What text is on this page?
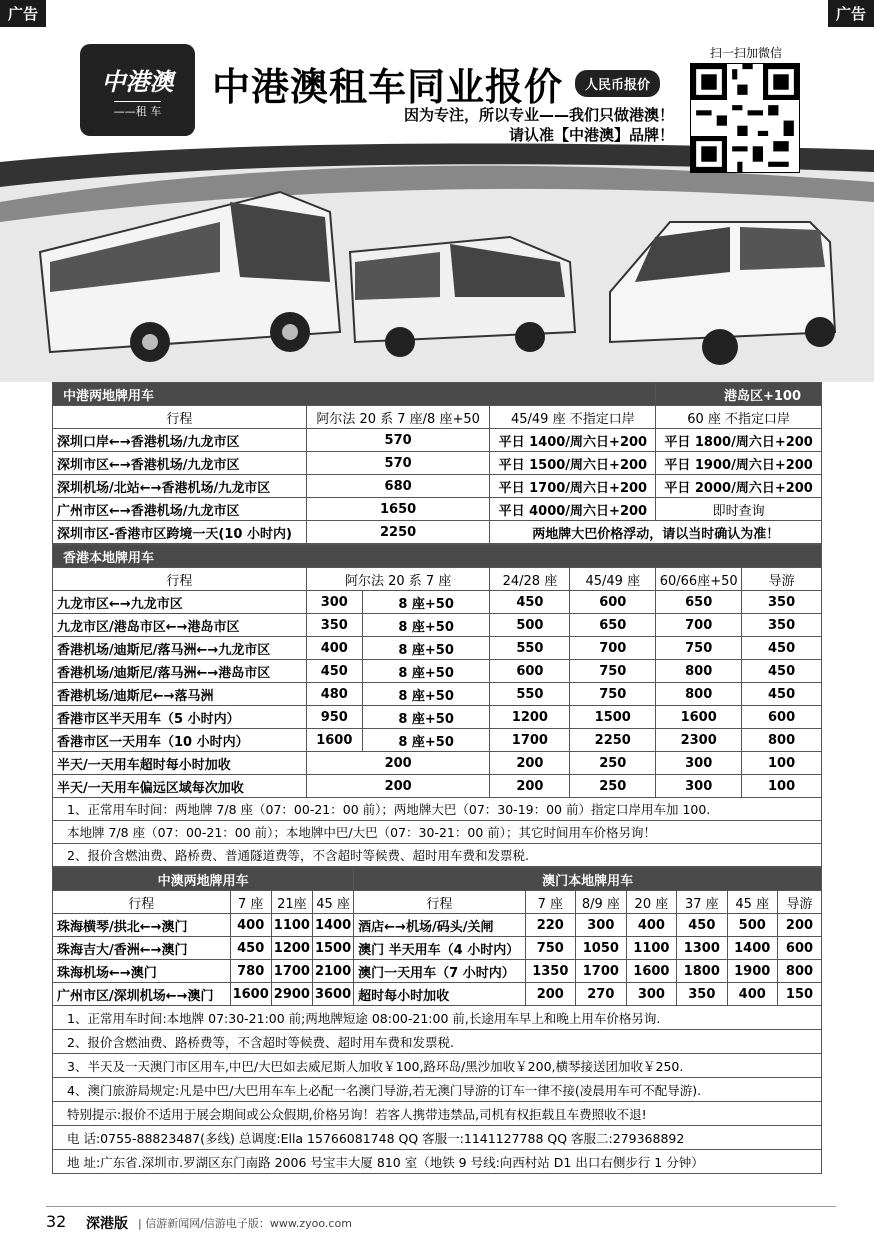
广告	广告
中港澳
——租 车
中港澳租车同业报价	人民币报价
因为专注，所以专业——我们只做港澳！
请认准【中港澳】品牌！
扫一扫加微信
中港两地牌用车			港岛区+100
行程	阿尔法 20 系 7 座/8 座+50	45/49 座 不指定口岸	60 座 不指定口岸
深圳口岸←→香港机场/九龙市区	570	平日 1400/周六日+200	平日 1800/周六日+200
深圳市区←→香港机场/九龙市区	570	平日 1500/周六日+200	平日 1900/周六日+200
深圳机场/北站←→香港机场/九龙市区	680	平日 1700/周六日+200	平日 2000/周六日+200
广州市区←→香港机场/九龙市区	1650	平日 4000/周六日+200	即时查询
深圳市区-香港市区跨境一天(10 小时内)	2250	两地牌大巴价格浮动，请以当时确认为准！	
香港本地牌用车						
行程	阿尔法 20 系 7 座		24/28 座	45/49 座	60/66座+50	导游
九龙市区←→九龙市区	300	8 座+50	450	600	650	350
九龙市区/港岛市区←→港岛市区	350	8 座+50	500	650	700	350
香港机场/迪斯尼/落马洲←→九龙市区	400	8 座+50	550	700	750	450
香港机场/迪斯尼/落马洲←→港岛市区	450	8 座+50	600	750	800	450
香港机场/迪斯尼←→落马洲	480	8 座+50	550	750	800	450
香港市区半天用车（5 小时内）	950	8 座+50	1200	1500	1600	600
香港市区一天用车（10 小时内）	1600	8 座+50	1700	2250	2300	800
半天/一天用车超时每小时加收	200		200	250	300	100
半天/一天用车偏远区域每次加收	200		200	250	300	100
1、正常用车时间：两地牌 7/8 座（07：00-21：00 前）；两地牌大巴（07：30-19：00 前）指定口岸用车加 100.						
本地牌 7/8 座（07：00-21：00 前）；本地牌中巴/大巴（07：30-21：00 前）；其它时间用车价格另询！						
2、报价含燃油费、路桥费、普通隧道费等，不含超时等候费、超时用车费和发票税.						
中澳两地牌用车				澳门本地牌用车						
行程	7 座	21座	45 座	行程	7 座	8/9 座	20 座	37 座	45 座	导游
珠海横琴/拱北←→澳门	400	1100	1400	酒店←→机场/码头/关闸	220	300	400	450	500	200
珠海吉大/香洲←→澳门	450	1200	1500	澳门 半天用车（4 小时内）	750	1050	1100	1300	1400	600
珠海机场←→澳门	780	1700	2100	澳门一天用车（7 小时内）	1350	1700	1600	1800	1900	800
广州市区/深圳机场←→澳门	1600	2900	3600	超时每小时加收	200	270	300	350	400	150
1、正常用车时间:本地牌 07:30-21:00 前;两地牌短途 08:00-21:00 前,长途用车早上和晚上用车价格另询.										
2、报价含燃油费、路桥费等，不含超时等候费、超时用车费和发票税.										
3、半天及一天澳门市区用车,中巴/大巴如去威尼斯人加收￥100,路环岛/黑沙加收￥200,横琴接送团加收￥250.										
4、澳门旅游局规定:凡是中巴/大巴用车车上必配一名澳门导游,若无澳门导游的订车一律不接(凌晨用车可不配导游).										
特别提示:报价不适用于展会期间或公众假期,价格另询！若客人携带违禁品,司机有权拒载且车费照收不退!										
电 话:0755-88823487(多线) 总调度:Ella 15766081748 QQ 客服一:1141127788 QQ 客服二:279368892										
地 址:广东省.深圳市.罗湖区东门南路 2006 号宝丰大厦 810 室（地铁 9 号线:向西村站 D1 出口右侧步行 1 分钟）										
32 深港版 | 信游新闻网/信游电子版：www.zyoo.com
